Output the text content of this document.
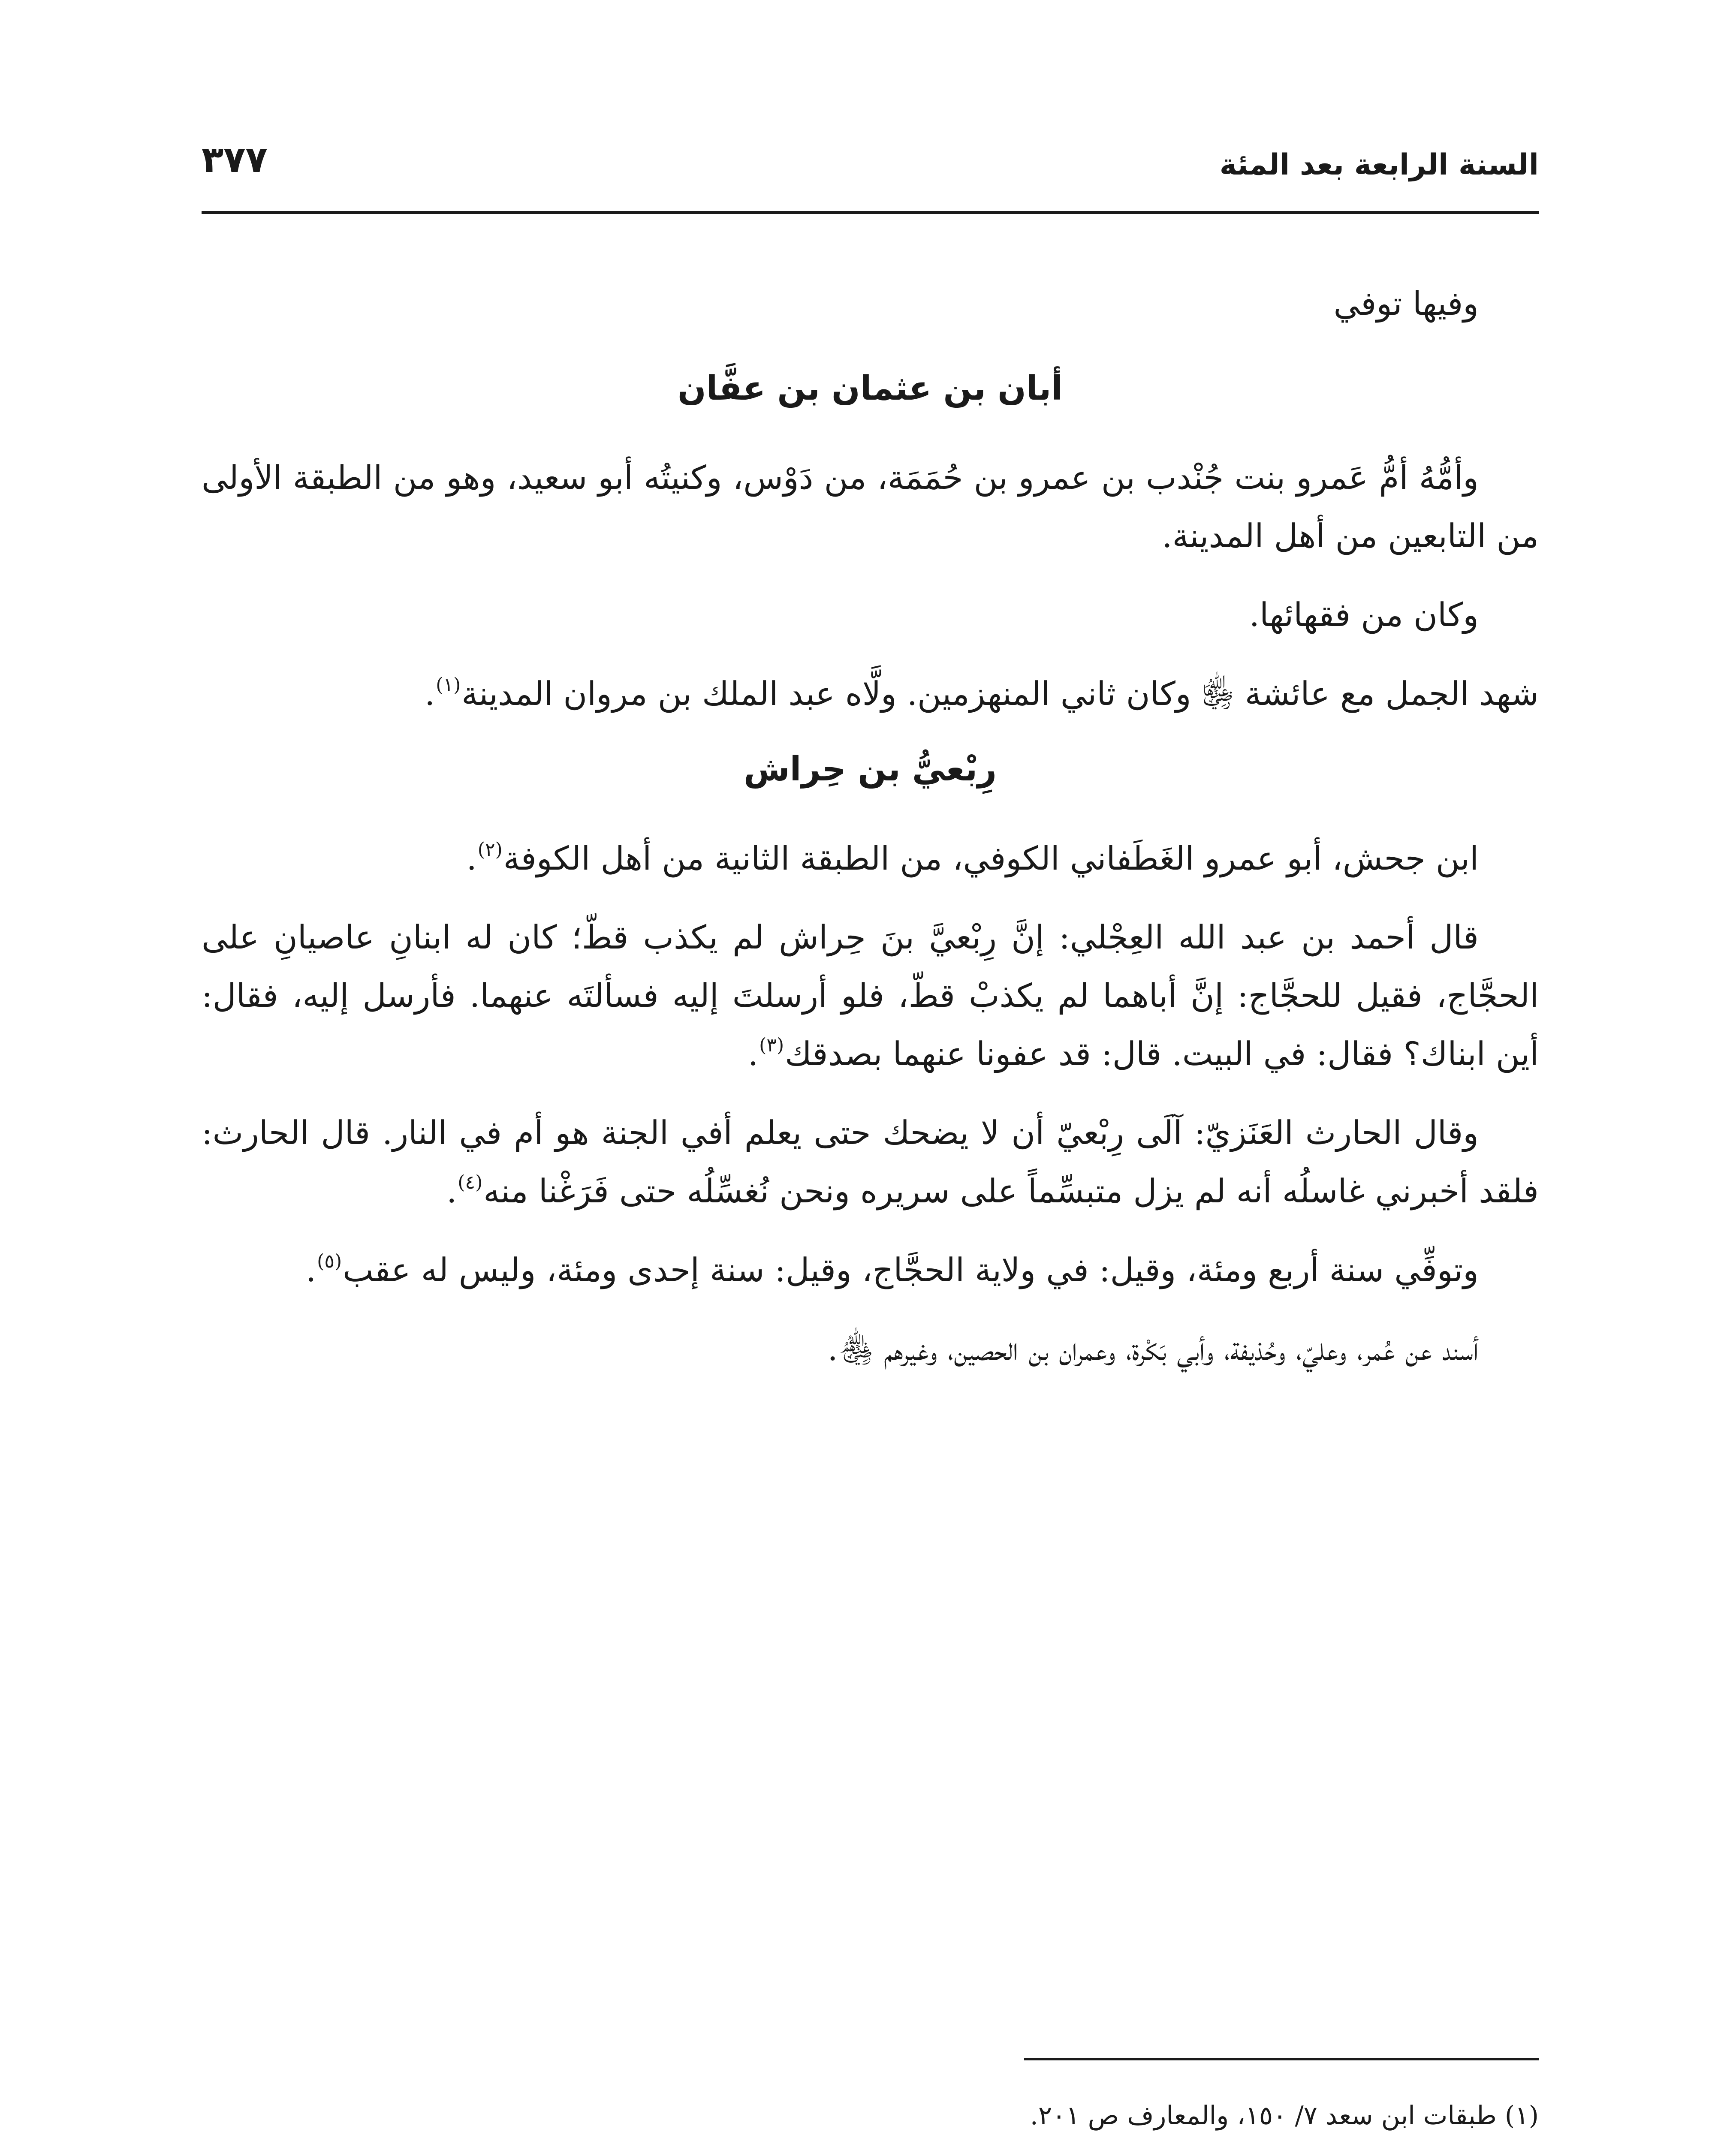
السنة الرابعة بعد المئة
٣٧٧

وفيها توفي

أبان بن عثمان بن عفَّان

وأمُّهُ أمُّ عَمرو بنت جُنْدب بن عمرو بن حُمَمَة، من دَوْس، وكنيتُه أبو سعيد، وهو من الطبقة الأولى من التابعين من أهل المدينة.

وكان من فقهائها.

شهد الجمل مع عائشة ﵂ وكان ثاني المنهزمين. ولَّاه عبد الملك بن مروان المدينة$^{(١)}$.

رِبْعيُّ بن حِراش

ابن جحش، أبو عمرو الغَطَفاني الكوفي، من الطبقة الثانية من أهل الكوفة$^{(٢)}$.

قال أحمد بن عبد الله العِجْلي: إنَّ رِبْعيَّ بنَ حِراش لم يكذب قطّ؛ كان له ابنانِ عاصيانِ على الحجَّاج، فقيل للحجَّاج: إنَّ أباهما لم يكذبْ قطّ، فلو أرسلتَ إليه فسألتَه عنهما. فأرسل إليه، فقال: أين ابناك؟ فقال: في البيت. قال: قد عفونا عنهما بصدقك$^{(٣)}$.

وقال الحارث العَنَزيّ: آلَى رِبْعيّ أن لا يضحك حتى يعلم أفي الجنة هو أم في النار. قال الحارث: فلقد أخبرني غاسلُه أنه لم يزل متبسِّماً على سريره ونحن نُغسِّلُه حتى فَرَغْنا منه$^{(٤)}$.

وتوفِّي سنة أربع ومئة، وقيل: في ولاية الحجَّاج، وقيل: سنة إحدى ومئة، وليس له عقب$^{(٥)}$.

أسند عن عُمر، وعليّ، وحُذيفة، وأبي بَكْرة، وعمران بن الحصين، وغيرهم ﵃.

(١) طبقات ابن سعد ٧/ ١٥٠، والمعارف ص ٢٠١.
